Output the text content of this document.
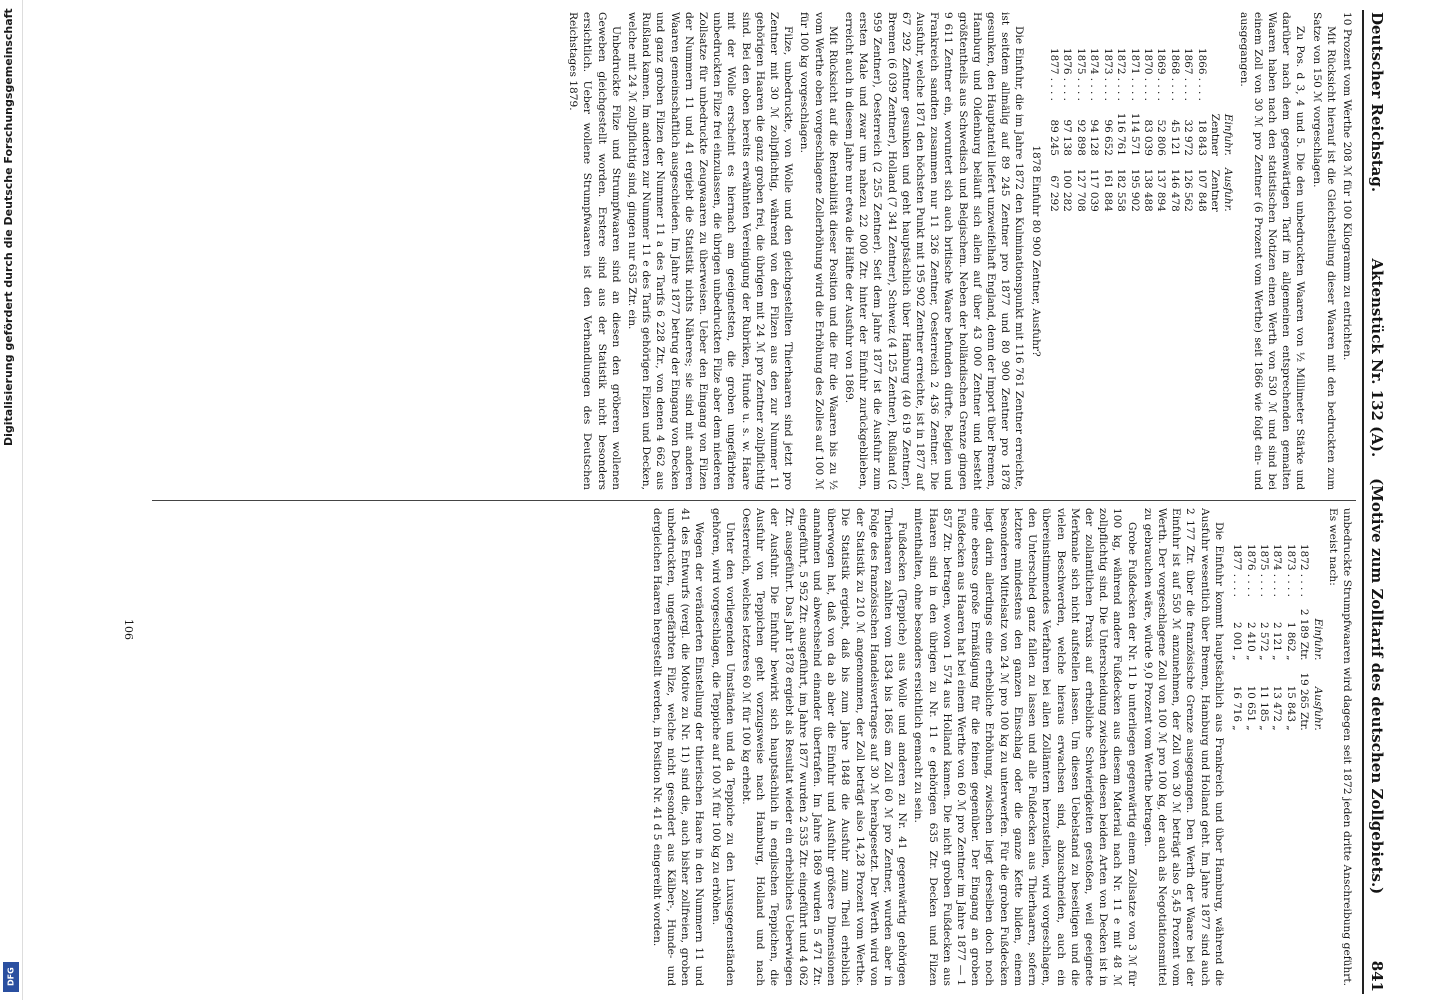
Digitalisierung gefördert durch die Deutsche Forschungsgemeinschaft
DFG
Deutscher Reichstag.
Aktenstück Nr. 132 (A).    (Motive zum Zolltarif des deutschen Zollgebiets.)
841

10 Prozent vom Werthe 208 ℳ für 100 Kilogramm zu entrichten.

Mit Rücksicht hierauf ist die Gleichstellung dieser Waaren mit den bedruckten zum Satze von 150 ℳ vorgeschlagen.

Zu Pos. d 3, 4 und 5. Die den unbedruckten Waaren von ½ Millimeter Stärke und darüber nach dem gegenwärtigen Tarif im allgemeinen entsprechenden gemalten Waaren haben nach den statistischen Notizen einen Werth von 530 ℳ und sind bei einem Zoll von 30 ℳ pro Zentner (6 Prozent vom Werthe) seit 1866 wie folgt ein- und ausgegangen.

	Einfuhr.	Ausfuhr.
	Zentner	Zentner
1866 . . . .	18 843	107 848
1867 . . . .	32 972	126 562
1868 . . . .	45 121	146 478
1869 . . . .	52 806	137 894
1870 . . . .	83 039	138 488
1871 . . . .	114 571	195 902
1872 . . . .	116 761	182 558
1873 . . . .	96 652	161 884
1874 . . . .	94 128	117 039
1875 . . . .	92 898	127 708
1876 . . . .	97 138	100 282
1877 . . . .	89 245	67 292

1878 Einfuhr 80 900 Zentner, Ausfuhr?

Die Einfuhr, die im Jahre 1872 den Kulminationspunkt mit 116 761 Zentner erreichte, ist seitdem allmälig auf 89 245 Zentner pro 1877 und 80 900 Zentner pro 1878 gesunken, den Hauptanteil liefert unzweifelhaft England, denn der Import über Bremen, Hamburg und Oldenburg beläuft sich allein auf über 43 000 Zentner und besteht größtentheils aus Schwedisch und Belgischem. Neben der holländischen Grenze gingen 9 611 Zentner ein, woruntert sich auch britische Waare befunden dürfte. Belgien und Frankreich sandten zusammen nur 11 326 Zentner, Oesterreich 2 436 Zentner. Die Ausfuhr, welche 1871 den höchsten Punkt mit 195 902 Zentner erreichte, ist in 1877 auf 67 292 Zentner gesunken und geht hauptsächlich über Hamburg (40 619 Zentner), Bremen (6 039 Zentner), Holland (7 341 Zentner), Schweiz (4 125 Zentner), Rußland (2 959 Zentner), Oesterreich (2 255 Zentner). Seit dem Jahre 1877 ist die Ausfuhr zum ersten Male und zwar um nahezu 22 000 Ztr. hinter der Einfuhr zurückgeblieben, erreicht auch in diesem Jahre nur etwa die Hälfte der Ausfuhr von 1869.

Mit Rücksicht auf die Rentabilität dieser Position und die für die Waaren bis zu ½ vom Werthe oben vorgeschlagene Zollerhöhung wird die Erhöhung des Zolles auf 100 ℳ für 100 kg vorgeschlagen.

Filze, unbedruckte, von Wolle und den gleichgestellten Thierhaaren sind jetzt pro Zentner mit 30 ℳ zollpflichtig, während von den Filzen aus den zur Nummer 11 gehörigen Haaren die ganz groben frei, die übrigen mit 24 ℳ pro Zentner zollpflichtig sind. Bei den oben bereits erwähnten Vereinigung der Rubriken, Hunde u. s. w. Haare mit der Wolle erscheint es hiernach am geeignetsten, die groben ungefärbten unbedruckten Filze frei einzulassen, die übrigen unbedruckten Filze aber dem niederen Zollsatze für unbedruckte Zeugwaaren zu überweisen. Ueber den Eingang von Filzen der Nummern 11 und 41 ergiebt die Statistik nichts Näheres; sie sind mit anderen Waaren gemeinschaftlich ausgeschieden. Im Jahre 1877 betrug der Eingang von Decken und ganz groben Filzen der Nummer 11 a des Tarifs 6 228 Ztr., von denen 4 662 aus Rußland kamen. Im anderen zur Nummer 11 e des Tarifs gehörigen Filzen und Decken, welche mit 24 ℳ zollpflichtig sind, gingen nur 635 Ztr. ein.

Unbedruckte Filze und Strumpfwaaren sind an diesen den gröberen wollenen Geweben gleichgestellt worden. Erstere sind aus der Statistik nicht besonders ersichtlich. Ueber wollene Strumpfwaaren ist den Verhandlungen des Deutschen Reichstages 1879.

unbedruckte Strumpfwaaren wird dagegen seit 1872 jeden dritte Anschreibung geführt. Es weist nach:

	Einfuhr.	Ausfuhr.
1872 . . . .	2 189 Ztr.	19 265 Ztr.
1873 . . . .	1 862 „	15 843 „
1874 . . . .	2 121 „	13 472 „
1875 . . . .	2 572 „	11 185 „
1876 . . . .	2 410 „	10 651 „
1877 . . . .	2 001 „	16 716 „

Die Einfuhr kommt hauptsächlich aus Frankreich und über Hamburg, während die Ausfuhr wesentlich über Bremen, Hamburg und Holland geht. Im Jahre 1877 sind auch 2 177 Ztr. über die französische Grenze ausgegangen. Den Werth der Waare bei der Einfuhr ist auf 550 ℳ anzunehmen, der Zoll von 30 ℳ beträgt also 5,45 Prozent vom Werth. Der vorgeschlagene Zoll von 100 ℳ pro 100 kg, der auch als Negotiationsmittel zu gebrauchen wäre, würde 9,0 Prozent vom Werthe betragen.

Grobe Fußdecken der Nr. 11 b unterliegen gegenwärtig einem Zollsatze von 3 ℳ für 100 kg, während andere Fußdecken aus diesem Material nach Nr. 11 e mit 48 ℳ zollpflichtig sind. Die Unterscheidung zwischen diesen beiden Arten von Decken ist in der zollamtlichen Praxis auf erhebliche Schwierigkeiten gestoßen, weil geeignete Merkmale sich nicht aufstellen lassen. Um diesen Uebelstand zu beseitigen und die vielen Beschwerden, welche hieraus erwachsen sind, abzuschneiden, auch ein übereinstimmendes Verfahren bei allen Zollämtern herzustellen, wird vorgeschlagen, den Unterschied ganz fallen zu lassen und alle Fußdecken aus Thierhaaren, sofern letztere mindestens den ganzen Einschlag oder die ganze Kette bilden, einem besonderen Mittelsatz von 24 ℳ pro 100 kg zu unterwerfen. Für die groben Fußdecken liegt darin allerdings eine erhebliche Erhöhung, zwischen liegt derselben doch noch eine ebenso große Ermäßigung für die feinen gegenüber. Der Eingang an groben Fußdecken aus Haaren hat bei einem Werthe von 60 ℳ pro Zentner im Jahre 1877 — 1 857 Ztr. betragen, wovon 1 574 aus Holland kamen. Die nicht groben Fußdecken aus Haaren sind in den übrigen zu Nr. 11 e gehörigen 635 Ztr. Decken und Filzen mitenthalten, ohne besonders ersichtlich gemacht zu sein.

Fußdecken (Teppiche) aus Wolle und anderen zu Nr. 41 gegenwärtig gehörigen Thierhaaren zahlten vom 1834 bis 1865 am Zoll 60 ℳ pro Zentner, wurden aber in Folge des französischen Handelsvertrages auf 30 ℳ herabgesetzt. Der Werth wird von der Statistik zu 210 ℳ angenommen, der Zoll beträgt also 14,28 Prozent vom Werthe. Die Statistik ergiebt, daß bis zum Jahre 1848 die Ausfuhr zum Theil erheblich überwogen hat, daß von da ab aber die Einfuhr und Ausfuhr größere Dimensionen annahmen und abwechselnd einander übertrafen. Im Jahre 1869 wurden 5 471 Ztr. eingeführt, 5 952 Ztr. ausgeführt, im Jahre 1877 wurden 2 535 Ztr. eingeführt und 4 062 Ztr. ausgeführt. Das Jahr 1878 ergiebt als Resultat wieder ein erhebliches Ueberwiegen der Ausfuhr. Die Einfuhr bewirkt sich hauptsächlich in englischen Teppichen, die Ausfuhr von Teppichen geht vorzugsweise nach Hamburg, Holland und nach Oesterreich, welches letzteres 60 ℳ für 100 kg erhebt.

Unter den vorliegenden Umständen und da Teppiche zu den Luxusgegenständen gehören, wird vorgeschlagen, die Teppiche auf 100 ℳ für 100 kg zu erhöhen.

Wegen der veränderten Einstellung der thierischen Haare in den Nummern 11 und 41 des Entwurfs (vergl. die Motive zu Nr. 11) sind die, auch bisher zollfreien, groben unbedruckten, ungefärbten Filze, welche nicht gesondert aus Kälber-, Hunde- und dergleichen Haaren hergestellt werden, in Position Nr. 41 d 5 eingereiht worden.

106
